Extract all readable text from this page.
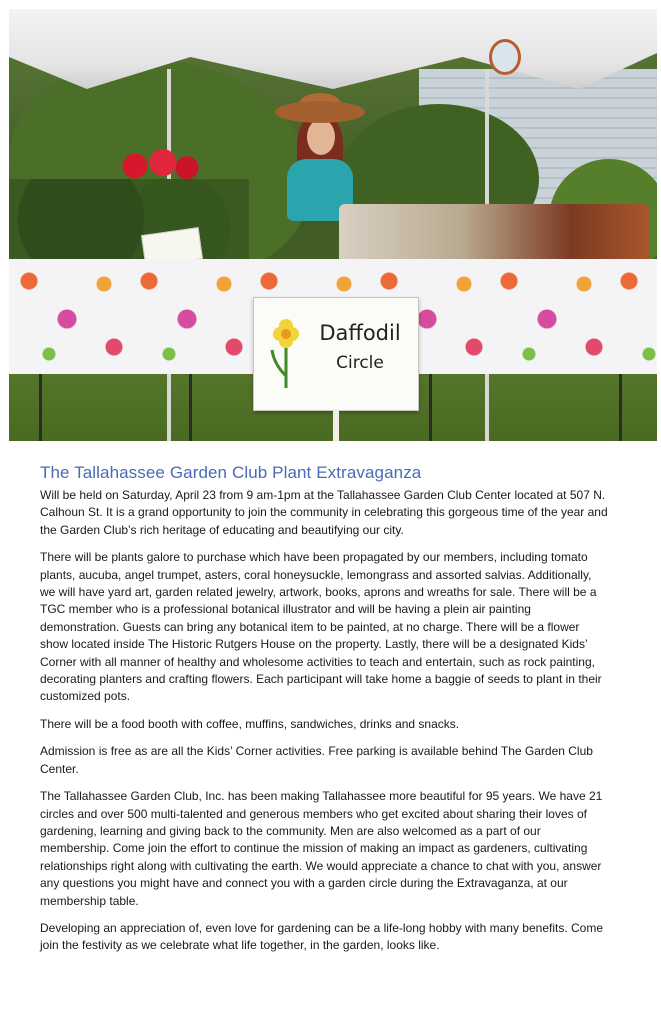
Daffodil
Circle
The Tallahassee Garden Club Plant Extravaganza

Will be held on Saturday, April 23 from 9 am-1pm at the Tallahassee Garden Club Center located at 507 N. Calhoun St. It is a grand opportunity to join the community in celebrating this gorgeous time of the year and the Garden Club’s rich heritage of educating and beautifying our city.

There will be plants galore to purchase which have been propagated by our members, including tomato plants, aucuba, angel trumpet, asters, coral honeysuckle, lemongrass and assorted salvias. Additionally, we will have yard art, garden related jewelry, artwork, books, aprons and wreaths for sale. There will be a TGC member who is a professional botanical illustrator and will be having a plein air painting demonstration. Guests can bring any botanical item to be painted, at no charge. There will be a flower show located inside The Historic Rutgers House on the property. Lastly, there will be a designated Kids’ Corner with all manner of healthy and wholesome activities to teach and entertain, such as rock painting, decorating planters and crafting flowers. Each participant will take home a baggie of seeds to plant in their customized pots.

There will be a food booth with coffee, muffins, sandwiches, drinks and snacks.

Admission is free as are all the Kids’ Corner activities. Free parking is available behind The Garden Club Center.

The Tallahassee Garden Club, Inc. has been making Tallahassee more beautiful for 95 years. We have 21 circles and over 500 multi-talented and generous members who get excited about sharing their loves of gardening, learning and giving back to the community. Men are also welcomed as a part of our membership. Come join the effort to continue the mission of making an impact as gardeners, cultivating relationships right along with cultivating the earth. We would appreciate a chance to chat with you, answer any questions you might have and connect you with a garden circle during the Extravaganza, at our membership table.

Developing an appreciation of, even love for gardening can be a life-long hobby with many benefits. Come join the festivity as we celebrate what life together, in the garden, looks like.
